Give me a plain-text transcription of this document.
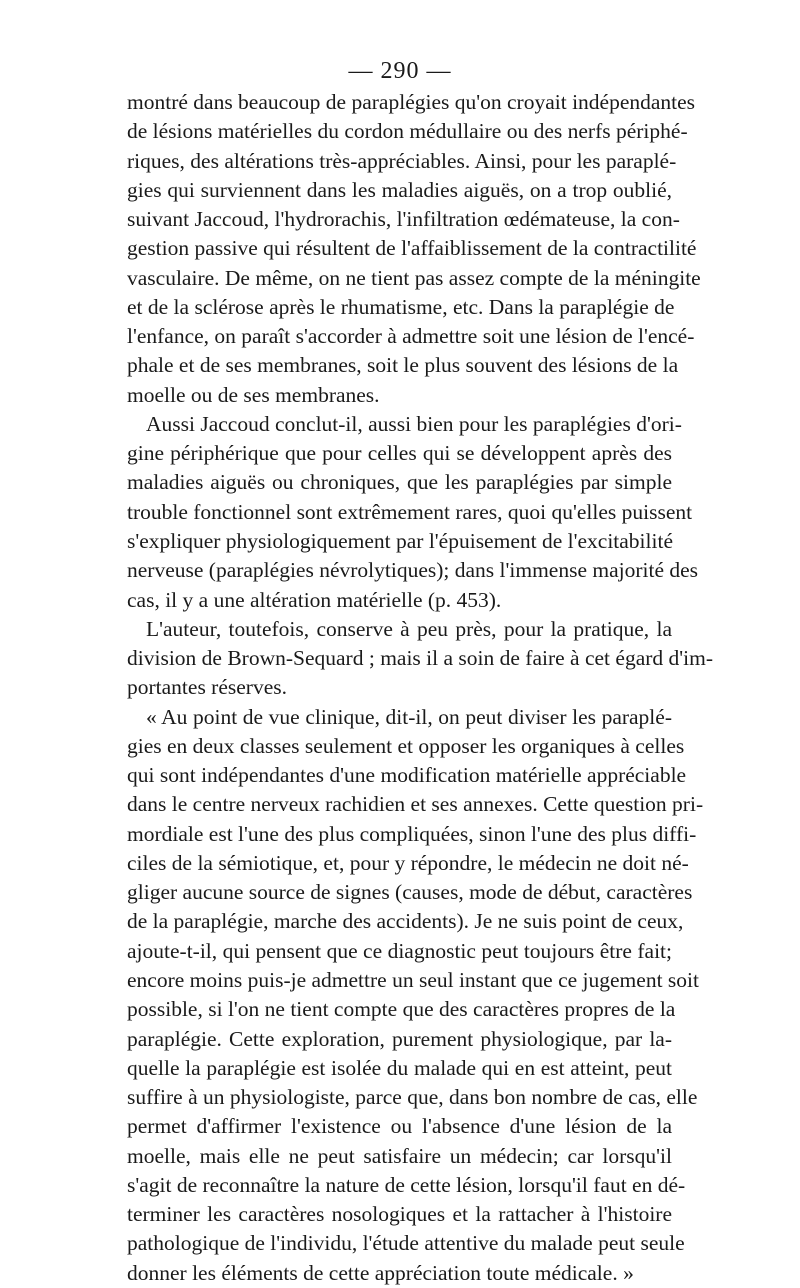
— 290 —
montré dans beaucoup de paraplégies qu'on croyait indépendantes
de lésions matérielles du cordon médullaire ou des nerfs périphé-
riques, des altérations très-appréciables. Ainsi, pour les paraplé-
gies qui surviennent dans les maladies aiguës, on a trop oublié,
suivant Jaccoud, l'hydrorachis, l'infiltration œdémateuse, la con-
gestion passive qui résultent de l'affaiblissement de la contractilité
vasculaire. De même, on ne tient pas assez compte de la méningite
et de la sclérose après le rhumatisme, etc. Dans la paraplégie de
l'enfance, on paraît s'accorder à admettre soit une lésion de l'encé-
phale et de ses membranes, soit le plus souvent des lésions de la
moelle ou de ses membranes.
Aussi Jaccoud conclut-il, aussi bien pour les paraplégies d'ori-
gine périphérique que pour celles qui se développent après des
maladies aiguës ou chroniques, que les paraplégies par simple
trouble fonctionnel sont extrêmement rares, quoi qu'elles puissent
s'expliquer physiologiquement par l'épuisement de l'excitabilité
nerveuse (paraplégies névrolytiques); dans l'immense majorité des
cas, il y a une altération matérielle (p. 453).
L'auteur, toutefois, conserve à peu près, pour la pratique, la
division de Brown-Sequard ; mais il a soin de faire à cet égard d'im-
portantes réserves.
« Au point de vue clinique, dit-il, on peut diviser les paraplé-
gies en deux classes seulement et opposer les organiques à celles
qui sont indépendantes d'une modification matérielle appréciable
dans le centre nerveux rachidien et ses annexes. Cette question pri-
mordiale est l'une des plus compliquées, sinon l'une des plus diffi-
ciles de la sémiotique, et, pour y répondre, le médecin ne doit né-
gliger aucune source de signes (causes, mode de début, caractères
de la paraplégie, marche des accidents). Je ne suis point de ceux,
ajoute-t-il, qui pensent que ce diagnostic peut toujours être fait;
encore moins puis-je admettre un seul instant que ce jugement soit
possible, si l'on ne tient compte que des caractères propres de la
paraplégie. Cette exploration, purement physiologique, par la-
quelle la paraplégie est isolée du malade qui en est atteint, peut
suffire à un physiologiste, parce que, dans bon nombre de cas, elle
permet d'affirmer l'existence ou l'absence d'une lésion de la
moelle, mais elle ne peut satisfaire un médecin; car lorsqu'il
s'agit de reconnaître la nature de cette lésion, lorsqu'il faut en dé-
terminer les caractères nosologiques et la rattacher à l'histoire
pathologique de l'individu, l'étude attentive du malade peut seule
donner les éléments de cette appréciation toute médicale. »
